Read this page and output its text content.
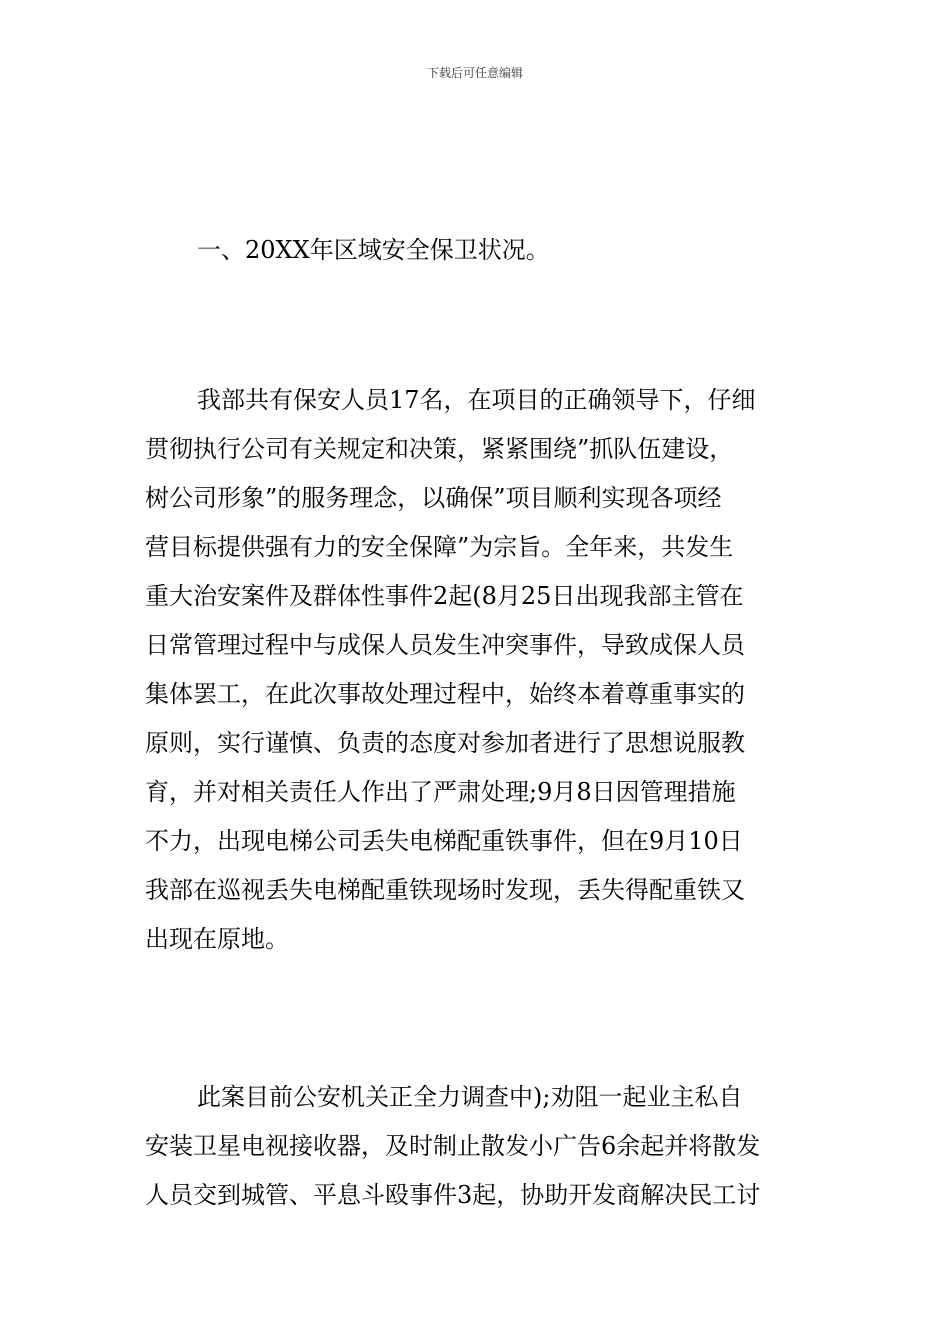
下载后可任意编辑
一、20XX年区域安全保卫状况。
我部共有保安人员17名，在项目的正确领导下，仔细
贯彻执行公司有关规定和决策，紧紧围绕”抓队伍建设，
树公司形象”的服务理念，以确保”项目顺利实现各项经
营目标提供强有力的安全保障”为宗旨。全年来，共发生
重大治安案件及群体性事件2起(8月25日出现我部主管在
日常管理过程中与成保人员发生冲突事件，导致成保人员
集体罢工，在此次事故处理过程中，始终本着尊重事实的
原则，实行谨慎、负责的态度对参加者进行了思想说服教
育，并对相关责任人作出了严肃处理;9月8日因管理措施
不力，出现电梯公司丢失电梯配重铁事件，但在9月10日
我部在巡视丢失电梯配重铁现场时发现，丢失得配重铁又
出现在原地。
此案目前公安机关正全力调查中);劝阻一起业主私自
安装卫星电视接收器，及时制止散发小广告6余起并将散发
人员交到城管、平息斗殴事件3起，协助开发商解决民工讨
